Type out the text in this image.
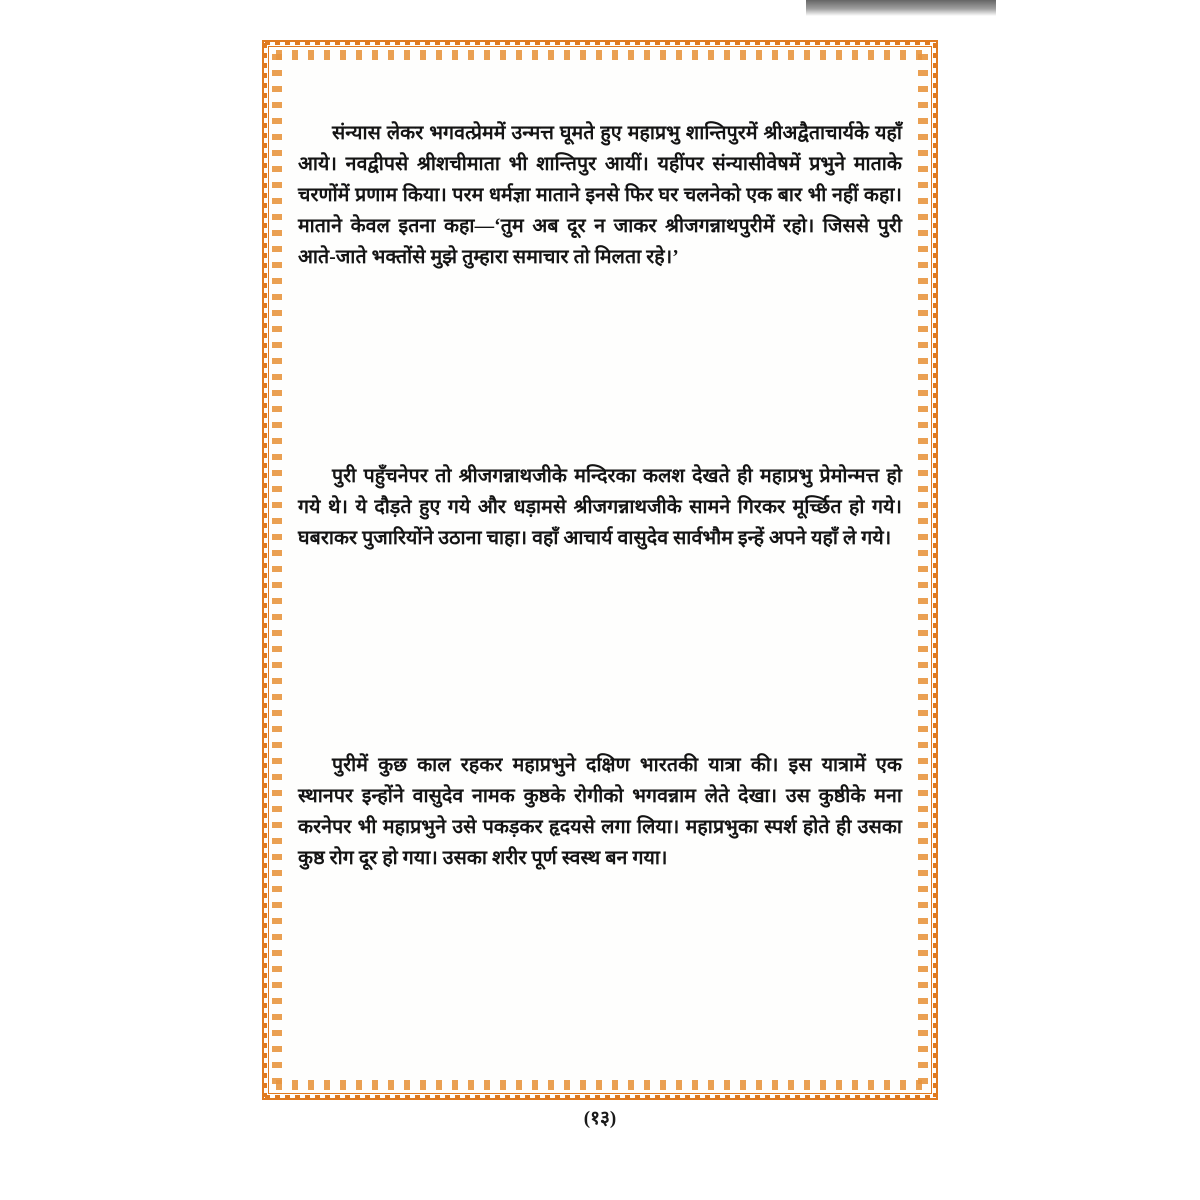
संन्यास लेकर भगवत्प्रेममें उन्मत्त घूमते हुए महाप्रभु शान्तिपुरमें श्रीअद्वैताचार्यके यहाँ आये। नवद्वीपसे श्रीशचीमाता भी शान्तिपुर आयीं। यहींपर संन्यासीवेषमें प्रभुने माताके चरणोंमें प्रणाम किया। परम धर्मज्ञा माताने इनसे फिर घर चलनेको एक बार भी नहीं कहा। माताने केवल इतना कहा—‘तुम अब दूर न जाकर श्रीजगन्नाथपुरीमें रहो। जिससे पुरी आते-जाते भक्तोंसे मुझे तुम्हारा समाचार तो मिलता रहे।’

पुरी पहुँचनेपर तो श्रीजगन्नाथजीके मन्दिरका कलश देखते ही महाप्रभु प्रेमोन्मत्त हो गये थे। ये दौड़ते हुए गये और धड़ामसे श्रीजगन्नाथजीके सामने गिरकर मूर्च्छित हो गये। घबराकर पुजारियोंने उठाना चाहा। वहाँ आचार्य वासुदेव सार्वभौम इन्हें अपने यहाँ ले गये।

पुरीमें कुछ काल रहकर महाप्रभुने दक्षिण भारतकी यात्रा की। इस यात्रामें एक स्थानपर इन्होंने वासुदेव नामक कुष्ठके रोगीको भगवन्नाम लेते देखा। उस कुष्ठीके मना करनेपर भी महाप्रभुने उसे पकड़कर हृदयसे लगा लिया। महाप्रभुका स्पर्श होते ही उसका कुष्ठ रोग दूर हो गया। उसका शरीर पूर्ण स्वस्थ बन गया।

(१३)
